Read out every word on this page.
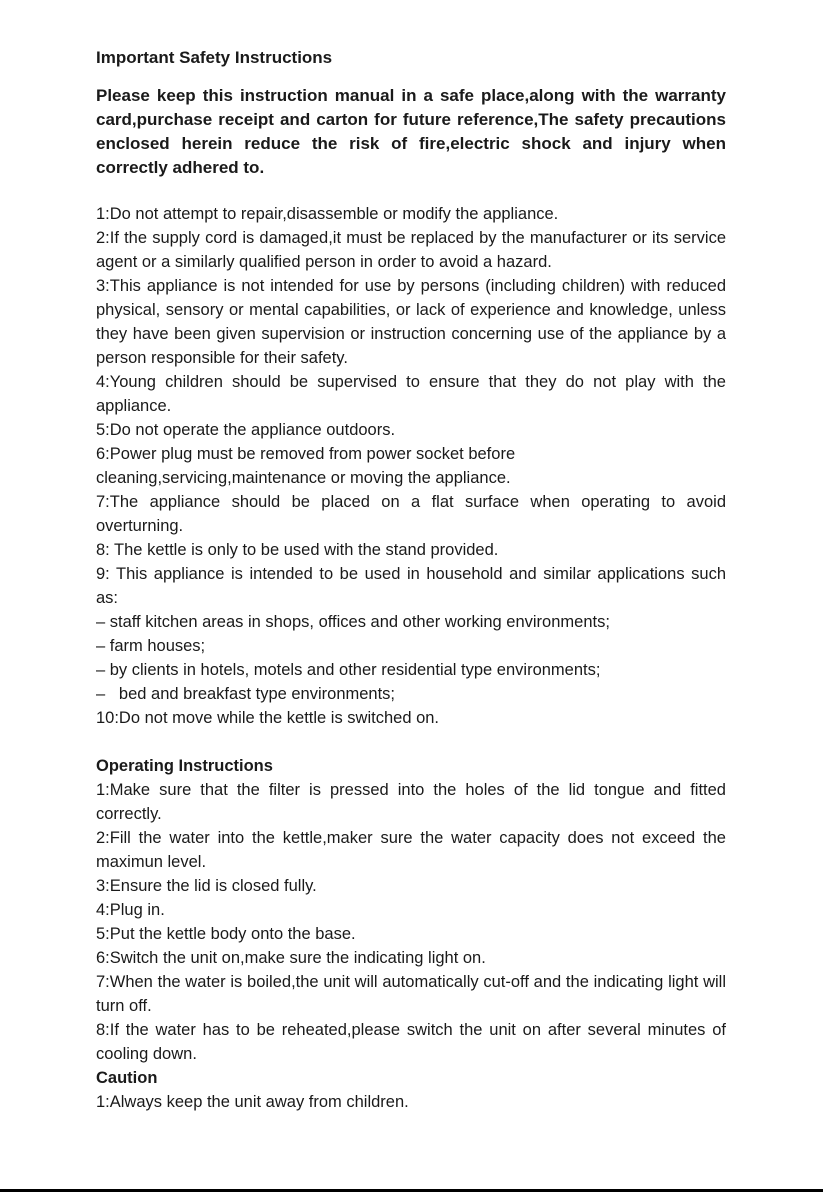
Important Safety Instructions

Please keep this instruction manual in a safe place,along with the warranty card,purchase receipt and carton for future reference,The safety precautions enclosed herein reduce the risk of fire,electric shock and injury when correctly adhered to.

1:Do not attempt to repair,disassemble or modify the appliance.

2:If the supply cord is damaged,it must be replaced by the manufacturer or its service agent or a similarly qualified person in order to avoid a hazard.

3:This appliance is not intended for use by persons (including children) with reduced physical, sensory or mental capabilities, or lack of experience and knowledge, unless they have been given supervision or instruction concerning use of the appliance by a person responsible for their safety.

4:Young children should be supervised to ensure that they do not play with the appliance.

5:Do not operate the appliance outdoors.

6:Power plug must be removed from power socket before

cleaning,servicing,maintenance or moving the appliance.

7:The appliance should be placed on a flat surface when operating to avoid overturning.

8: The kettle is only to be used with the stand provided.

9: This appliance is intended to be used in household and similar applications such as:

– staff kitchen areas in shops, offices and other working environments;

– farm houses;

– by clients in hotels, motels and other residential type environments;

–   bed and breakfast type environments;

10:Do not move while the kettle is switched on.

Operating Instructions

1:Make sure that the filter is pressed into the holes of the lid tongue and fitted correctly.

2:Fill the water into the kettle,maker sure the water capacity does not exceed the maximun level.

3:Ensure the lid is closed fully.

4:Plug in.

5:Put the kettle body onto the base.

6:Switch the unit on,make sure the indicating light on.

7:When the water is boiled,the unit will automatically cut-off and the indicating light will turn off.

8:If the water has to be reheated,please switch the unit on after several minutes of cooling down.

Caution

1:Always keep the unit away from children.
